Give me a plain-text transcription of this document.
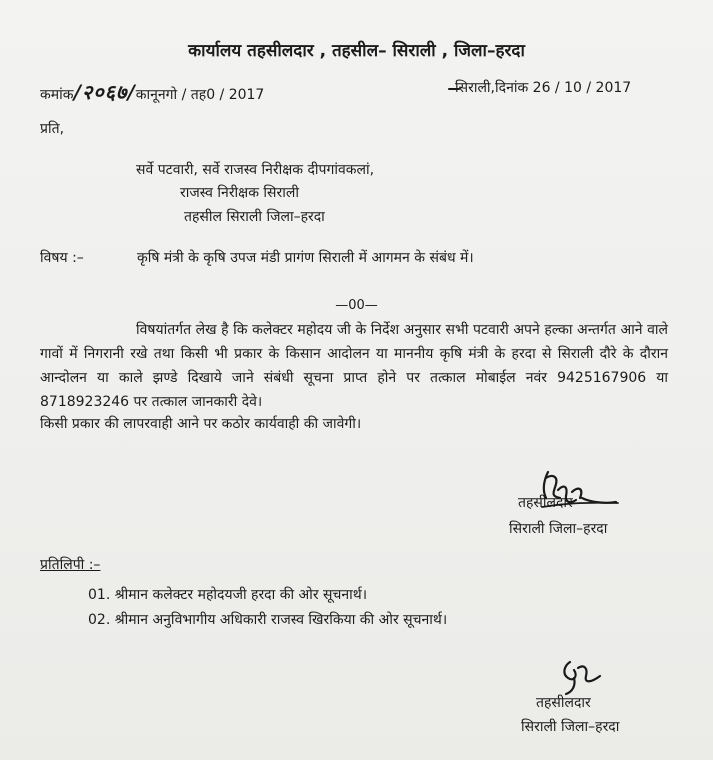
कार्यालय तहसीलदार , तहसील– सिराली , जिला–हरदा
कमांक/२०६७/कानूनगो / तह0 / 2017	सिराली,दिनांक 26 / 10 / 2017
प्रति,
सर्वे पटवारी, सर्वे राजस्व निरीक्षक दीपगांवकलां,
राजस्व निरीक्षक सिराली
तहसील सिराली जिला–हरदा
विषय :–	कृषि मंत्री के कृषि उपज मंडी प्रागंण सिराली में आगमन के संबंध में।
—00—
विषयांतर्गत लेख है कि कलेक्टर महोदय जी के निर्देश अनुसार सभी पटवारी अपने हल्का अन्तर्गत आने वाले गावों में निगरानी रखे तथा किसी भी प्रकार के किसान आदोलन या माननीय कृषि मंत्री के हरदा से सिराली दौरे के दौरान आन्दोलन या काले झण्डे दिखाये जाने संबंधी सूचना प्राप्त होने पर तत्काल मोबाईल नवंर 9425167906 या 8718923246 पर तत्काल जानकारी देवे।
किसी प्रकार की लापरवाही आने पर कठोर कार्यवाही की जावेगी।
तहसीलदार
सिराली जिला–हरदा
प्रतिलिपी :–
01. श्रीमान कलेक्टर महोदयजी हरदा की ओर सूचनार्थ।
02. श्रीमान अनुविभागीय अधिकारी राजस्व खिरकिया की ओर सूचनार्थ।
तहसीलदार
सिराली जिला–हरदा
